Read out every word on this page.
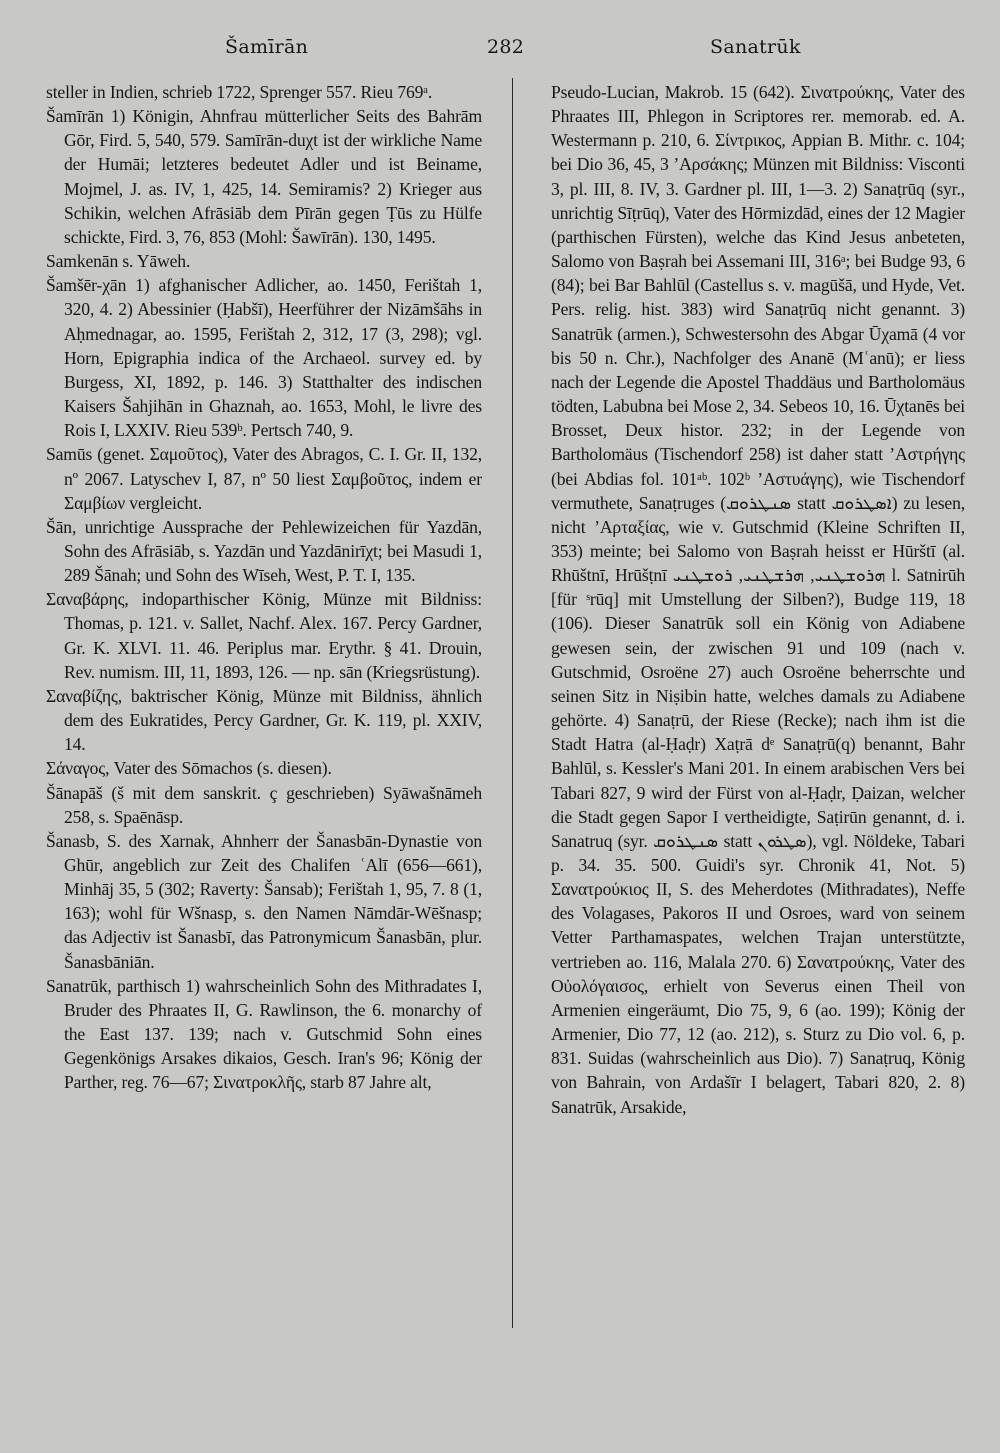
Šamīrān	282	Sanatrūk

steller in Indien, schrieb 1722, Sprenger 557. Rieu 769ᵃ.

Šamīrān 1) Königin, Ahnfrau mütterlicher Seits des Bahrām Gōr, Fird. 5, 540, 579. Samīrān-duχt ist der wirkliche Name der Humāi; letzteres bedeutet Adler und ist Beiname, Mojmel, J. as. IV, 1, 425, 14. Semiramis? 2) Krieger aus Schikin, welchen Afrāsiāb dem Pīrān gegen Ṭūs zu Hülfe schickte, Fird. 3, 76, 853 (Mohl: Šawīrān). 130, 1495.

Samkenān s. Yāweh.

Šamšēr-χān 1) afghanischer Adlicher, ao. 1450, Ferištah 1, 320, 4. 2) Abessinier (Ḥabšī), Heerführer der Nizāmšāhs in Aḥmednagar, ao. 1595, Ferištah 2, 312, 17 (3, 298); vgl. Horn, Epigraphia indica of the Archaeol. survey ed. by Burgess, XI, 1892, p. 146. 3) Statthalter des indischen Kaisers Šahjihān in Ghaznah, ao. 1653, Mohl, le livre des Rois I, LXXIV. Rieu 539ᵇ. Pertsch 740, 9.

Samūs (genet. Σαμοῦτος), Vater des Abragos, C. I. Gr. II, 132, nº 2067. Latyschev I, 87, nº 50 liest Σαμβοῦτος, indem er Σαμβίων vergleicht.

Šān, unrichtige Aussprache der Pehlewizeichen für Yazdān, Sohn des Afrāsiāb, s. Yazdān und Yazdānirīχt; bei Masudi 1, 289 Šānah; und Sohn des Wīseh, West, P. T. I, 135.

Σαναβάρης, indoparthischer König, Münze mit Bildniss: Thomas, p. 121. v. Sallet, Nachf. Alex. 167. Percy Gardner, Gr. K. XLVI. 11. 46. Periplus mar. Erythr. § 41. Drouin, Rev. numism. III, 11, 1893, 126. — np. sān (Kriegsrüstung).

Σαναβίζης, baktrischer König, Münze mit Bildniss, ähnlich dem des Eukratides, Percy Gardner, Gr. K. 119, pl. XXIV, 14.

Σάναγος, Vater des Sōmachos (s. diesen).

Šānapāš (š mit dem sanskrit. ç geschrieben) Syāwašnāmeh 258, s. Spaēnāsp.

Šanasb, S. des Xarnak, Ahnherr der Šanasbān-Dynastie von Ghūr, angeblich zur Zeit des Chalifen ʿAlī (656—661), Minhāj 35, 5 (302; Raverty: Šansab); Ferištah 1, 95, 7. 8 (1, 163); wohl für Wšnasp, s. den Namen Nāmdār-Wēšnasp; das Adjectiv ist Šanasbī, das Patronymicum Šanasbān, plur. Šanasbāniān.

Sanatrūk, parthisch 1) wahrscheinlich Sohn des Mithradates I, Bruder des Phraates II, G. Rawlinson, the 6. monarchy of the East 137. 139; nach v. Gutschmid Sohn eines Gegenkönigs Arsakes dikaios, Gesch. Iran's 96; König der Parther, reg. 76—67; Σινατροκλῆς, starb 87 Jahre alt,

Pseudo-Lucian, Makrob. 15 (642). Σινατρούκης, Vater des Phraates III, Phlegon in Scriptores rer. memorab. ed. A. Westermann p. 210, 6. Σίντρικος, Appian B. Mithr. c. 104; bei Dio 36, 45, 3 ʼΑρσάκης; Münzen mit Bildniss: Visconti 3, pl. III, 8. IV, 3. Gardner pl. III, 1—3. 2) Sanaṭrūq (syr., unrichtig Sīṭrūq), Vater des Hōrmizdād, eines der 12 Magier (parthischen Fürsten), welche das Kind Jesus anbeteten, Salomo von Baṣrah bei Assemani III, 316ᵃ; bei Budge 93, 6 (84); bei Bar Bahlūl (Castellus s. v. magūšā, und Hyde, Vet. Pers. relig. hist. 383) wird Sanaṭrūq nicht genannt. 3) Sanatrūk (armen.), Schwestersohn des Abgar Ūχamā (4 vor bis 50 n. Chr.), Nachfolger des Ananē (Mʿanū); er liess nach der Legende die Apostel Thaddäus und Bartholomäus tödten, Labubna bei Mose 2, 34. Sebeos 10, 16. Ūχtanēs bei Brosset, Deux histor. 232; in der Legende von Bartholomäus (Tischendorf 258) ist daher statt ʼΑστρήγης (bei Abdias fol. 101ᵃᵇ. 102ᵇ ʼΑστυάγης), wie Tischendorf vermuthete, Sanaṭruges (ܣܢܛܪܘܩ statt ܐܣܛܪܘܩ) zu lesen, nicht ʼΑρταξίας, wie v. Gutschmid (Kleine Schriften II, 353) meinte; bei Salomo von Baṣrah heisst er Hūrštī (al. Rhūštnī, Hrūšṭnī ܗܪܘܫܛܢܝ, ܗܪܫܛܢܝ, ܪܘܫܛܢܝ l. Satnirūh [für ˢrūq] mit Umstellung der Silben?), Budge 119, 18 (106). Dieser Sanatrūk soll ein König von Adiabene gewesen sein, der zwischen 91 und 109 (nach v. Gutschmid, Osroëne 27) auch Osroëne beherrschte und seinen Sitz in Niṣibin hatte, welches damals zu Adiabene gehörte. 4) Sanaṭrū, der Riese (Recke); nach ihm ist die Stadt Hatra (al-Ḥaḍr) Χaṭrā dᵉ Sanaṭrū(q) benannt, Bahr Bahlūl, s. Kessler's Mani 201. In einem arabischen Vers bei Tabari 827, 9 wird der Fürst von al-Ḥaḍr, Ḍaizan, welcher die Stadt gegen Sapor I vertheidigte, Saṭirūn genannt, d. i. Sanatruq (syr. ܣܢܛܪܘܩ statt ܣܛܪܘܢ), vgl. Nöldeke, Tabari p. 34. 35. 500. Guidi's syr. Chronik 41, Not. 5) Σανατρούκιος II, S. des Meherdotes (Mithradates), Neffe des Volagases, Pakoros II und Osroes, ward von seinem Vetter Parthamaspates, welchen Trajan unterstützte, vertrieben ao. 116, Malala 270. 6) Σανατρούκης, Vater des Οὐολόγαισος, erhielt von Severus einen Theil von Armenien eingeräumt, Dio 75, 9, 6 (ao. 199); König der Armenier, Dio 77, 12 (ao. 212), s. Sturz zu Dio vol. 6, p. 831. Suidas (wahrscheinlich aus Dio). 7) Sanaṭruq, König von Bahrain, von Ardašīr I belagert, Tabari 820, 2. 8) Sanatrūk, Arsakide,
